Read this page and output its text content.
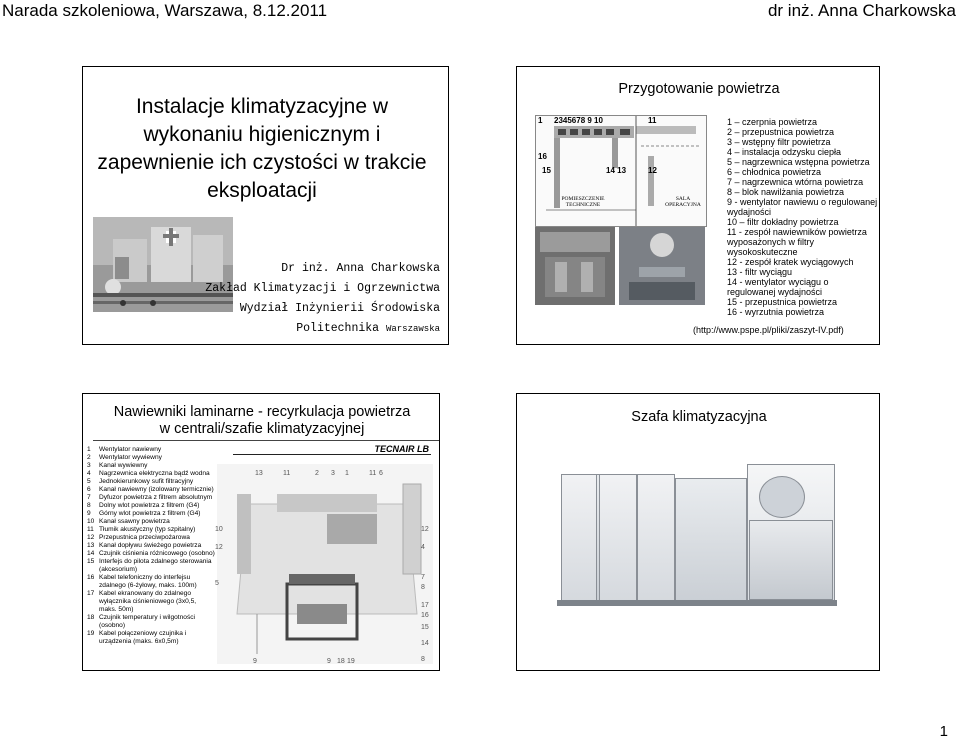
Narada szkoleniowa, Warszawa, 8.12.2011	dr inż. Anna Charkowska
Instalacje klimatyzacyjne w wykonaniu higienicznym i zapewnienie ich czystości w trakcie eksploatacji
Dr inż. Anna Charkowska
Zakład Klimatyzacji i Ogrzewnictwa
Wydział Inżynierii Środowiska
Politechnika Warszawska
Przygotowanie powietrza
2345678 9 10
1	11
16
15	14 13	12
POMIESZCZENIE TECHNICZNE
SALA OPERACYJNA
1 – czerpnia powietrza
2 – przepustnica powietrza
3 – wstępny filtr powietrza
4 – instalacja odzysku ciepła
5 – nagrzewnica wstępna powietrza
6 – chłodnica powietrza
7 – nagrzewnica wtórna powietrza
8 – blok nawilżania powietrza
9 - wentylator nawiewu o regulowanej
wydajności
10 – filtr dokładny powietrza
11 - zespół nawiewników powietrza
wyposażonych w filtry
wysokoskuteczne
12 - zespół kratek wyciągowych
13 - filtr wyciągu
14 - wentylator wyciągu o
regulowanej wydajności
15 - przepustnica powietrza
16 - wyrzutnia powietrza
(http://www.pspe.pl/pliki/zaszyt-IV.pdf)
Nawiewniki laminarne - recyrkulacja powietrza
w centrali/szafie klimatyzacyjnej
1	Wentylator nawiewny
2	Wentylator wywiewny
3	Kanał wywiewny
4	Nagrzewnica elektryczna bądź wodna
5	Jednokierunkowy sufit filtracyjny
6	Kanał nawiewny (izolowany termicznie)
7	Dyfuzor powietrza z filtrem absolutnym
8	Dolny wlot powietrza z filtrem (G4)
9	Górny wlot powietrza z filtrem (G4)
10 Kanał ssawny powietrza
11 Tłumik akustyczny (typ szpitalny)
12 Przepustnica przeciwpożarowa
13 Kanał dopływu świeżego powietrza
14 Czujnik ciśnienia różnicowego (osobno)
15 Interfejs do pilota zdalnego sterowania (akcesorium)
16 Kabel telefoniczny do interfejsu zdalnego (6-żyłowy, maks. 100m)
17 Kabel ekranowany do zdalnego wyłącznika ciśnieniowego (3x0,5, maks. 50m)
18 Czujnik temperatury i wilgotności (osobno)
19 Kabel połączeniowy czujnika i urządzenia (maks. 6x0,5m)
TECNAIR LB
13	11	2 3 1	11 6
10
12
5
12
4
7
8
17
16
15
14
8
9	9 18 19
Szafa klimatyzacyjna
1
